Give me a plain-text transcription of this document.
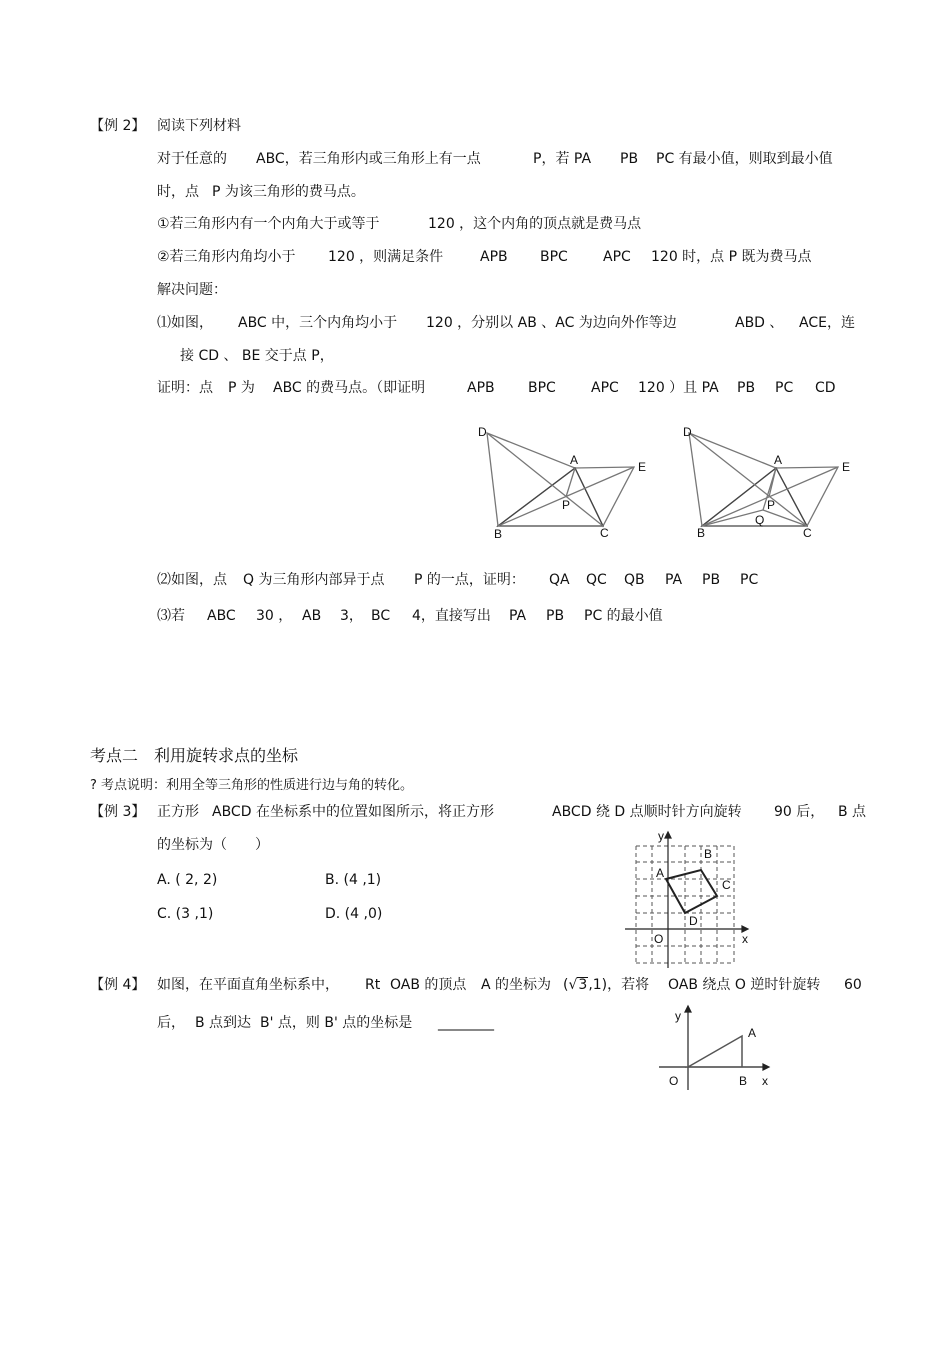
【例 2】 阅读下列材料
对于任意的 ABC，若三角形内或三角形上有一点	P，若 PA PB PC 有最小值，则取到最小值
时，点 P 为该三角形的费马点。
①若三角形内有一个内角大于或等于	120 ，这个内角的顶点就是费马点
②若三角形内角均小于 120 ，则满足条件	APB BPC	APC 120 时，点 P 既为费马点
解决问题：
⑴如图， ABC 中，三个内角均小于 120 ，分别以 AB 、AC 为边向外作等边	ABD 、 ACE，连
接 CD 、 BE 交于点 P，
证明：点 P 为 ABC 的费马点。（即证明	APB BPC	APC 120 ）且 PA PB PC CD
D
A	E
P
B	C
D
A	E
P
Q
B	C
⑵如图，点 Q 为三角形内部异于点 P 的一点，证明： QA QC QB PA PB PC
⑶若 ABC 30 ， AB 3， BC 4，直接写出 PA PB PC 的最小值
考点二　利用旋转求点的坐标
? 考点说明：利用全等三角形的性质进行边与角的转化。
【例 3】 正方形 ABCD 在坐标系中的位置如图所示，将正方形	ABCD 绕 D 点顺时针方向旋转 90 后， B 点
的坐标为（　　）
A. ( 2, 2)	B. (4 ,1)
C. (3 ,1)	D. (4 ,0)
y
x
O
A
B
C
D
【例 4】 如图，在平面直角坐标系中， Rt OAB 的顶点 A 的坐标为 (√3,1)，若将 OAB 绕点 O 逆时针旋转 60
后， B 点到达 B' 点，则 B' 点的坐标是 ________	y
A
O	B x
